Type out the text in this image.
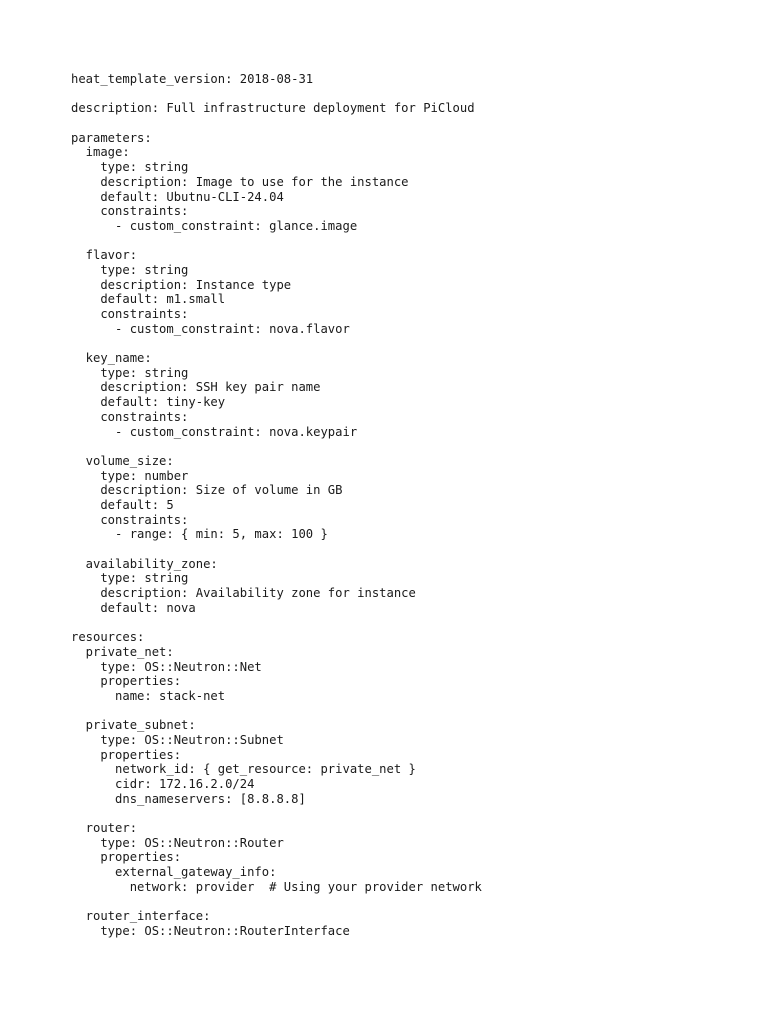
heat_template_version: 2018-08-31
description: Full infrastructure deployment for PiCloud
parameters:
image:
type: string
description: Image to use for the instance
default: Ubutnu-CLI-24.04
constraints:
- custom_constraint: glance.image
flavor:
type: string
description: Instance type
default: m1.small
constraints:
- custom_constraint: nova.flavor
key_name:
type: string
description: SSH key pair name
default: tiny-key
constraints:
- custom_constraint: nova.keypair
volume_size:
type: number
description: Size of volume in GB
default: 5
constraints:
- range: { min: 5, max: 100 }
availability_zone:
type: string
description: Availability zone for instance
default: nova
resources:
private_net:
type: OS::Neutron::Net
properties:
name: stack-net
private_subnet:
type: OS::Neutron::Subnet
properties:
network_id: { get_resource: private_net }
cidr: 172.16.2.0/24
dns_nameservers: [8.8.8.8]
router:
type: OS::Neutron::Router
properties:
external_gateway_info:
network: provider  # Using your provider network
router_interface:
type: OS::Neutron::RouterInterface
